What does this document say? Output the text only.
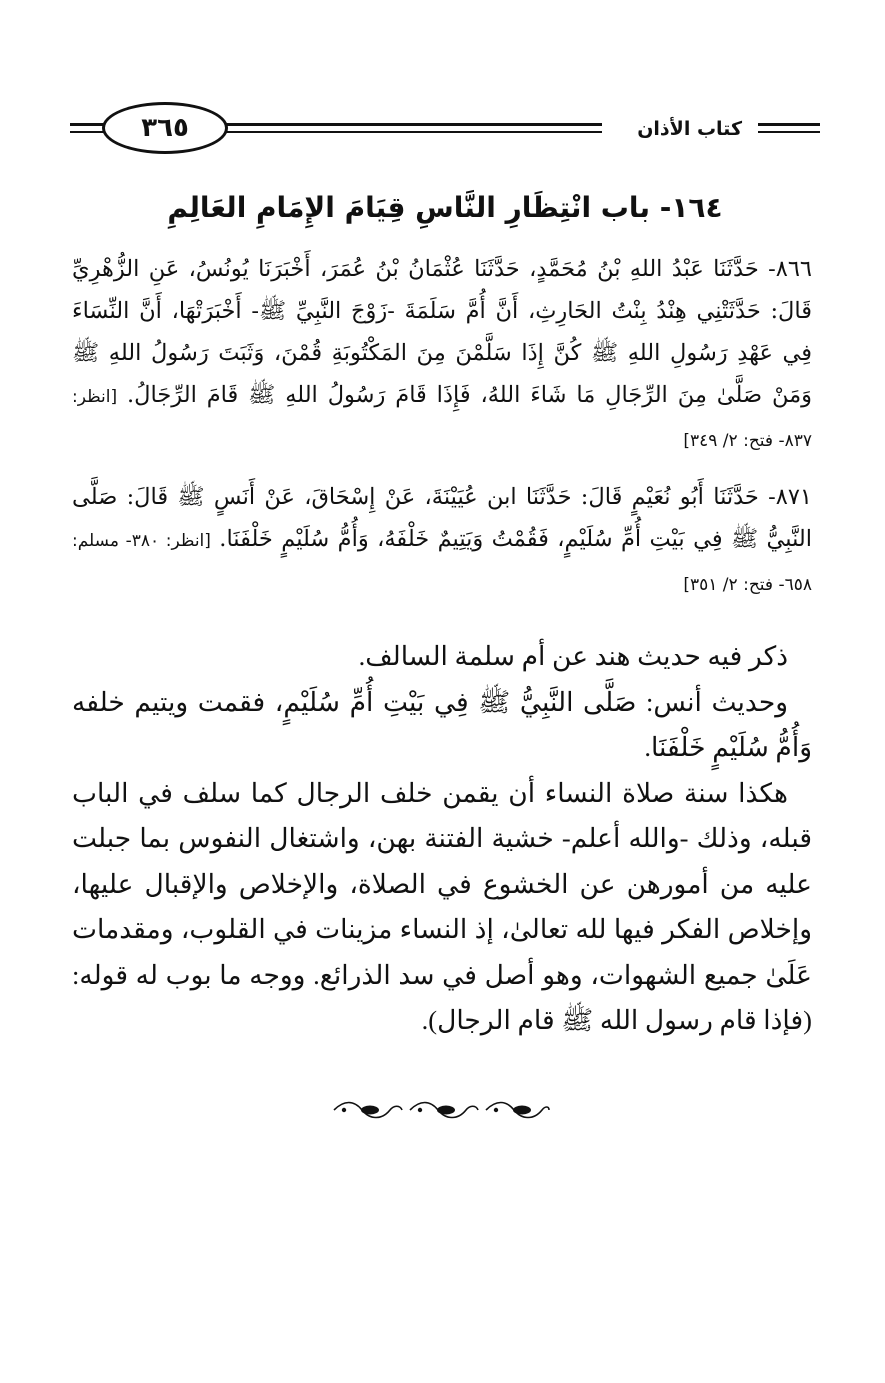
كتاب الأذان
٣٦٥
١٦٤- باب انْتِظَارِ النَّاسِ قِيَامَ الإِمَامِ العَالِمِ
٨٦٦- حَدَّثَنَا عَبْدُ اللهِ بْنُ مُحَمَّدٍ، حَدَّثَنَا عُثْمَانُ بْنُ عُمَرَ، أَخْبَرَنَا يُونُسُ، عَنِ الزُّهْرِيِّ قَالَ: حَدَّثَتْنِي هِنْدُ بِنْتُ الحَارِثِ، أَنَّ أُمَّ سَلَمَةَ -زَوْجَ النَّبِيِّ ﷺ- أَخْبَرَتْهَا، أَنَّ النِّسَاءَ فِي عَهْدِ رَسُولِ اللهِ ﷺ كُنَّ إِذَا سَلَّمْنَ مِنَ المَكْتُوبَةِ قُمْنَ، وَثَبَتَ رَسُولُ اللهِ ﷺ وَمَنْ صَلَّىٰ مِنَ الرِّجَالِ مَا شَاءَ اللهُ، فَإِذَا قَامَ رَسُولُ اللهِ ﷺ قَامَ الرِّجَالُ. [انظر: ٨٣٧- فتح: ٢/ ٣٤٩]
٨٧١- حَدَّثَنَا أَبُو نُعَيْمٍ قَالَ: حَدَّثَنَا ابن عُيَيْنَةَ، عَنْ إِسْحَاقَ، عَنْ أَنَسٍ ﷺ قَالَ: صَلَّى النَّبِيُّ ﷺ فِي بَيْتِ أُمِّ سُلَيْمٍ، فَقُمْتُ وَيَتِيمٌ خَلْفَهُ، وَأُمُّ سُلَيْمٍ خَلْفَنَا. [انظر: ٣٨٠- مسلم: ٦٥٨- فتح: ٢/ ٣٥١]

ذكر فيه حديث هند عن أم سلمة السالف.

وحديث أنس: صَلَّى النَّبِيُّ ﷺ فِي بَيْتِ أُمِّ سُلَيْمٍ، فقمت ويتيم خلفه وَأُمُّ سُلَيْمٍ خَلْفَنَا.

هكذا سنة صلاة النساء أن يقمن خلف الرجال كما سلف في الباب قبله، وذلك -والله أعلم- خشية الفتنة بهن، واشتغال النفوس بما جبلت عليه من أمورهن عن الخشوع في الصلاة، والإخلاص والإقبال عليها، وإخلاص الفكر فيها لله تعالىٰ، إذ النساء مزينات في القلوب، ومقدمات عَلَىٰ جميع الشهوات، وهو أصل في سد الذرائع. ووجه ما بوب له قوله: (فإذا قام رسول الله ﷺ قام الرجال).
